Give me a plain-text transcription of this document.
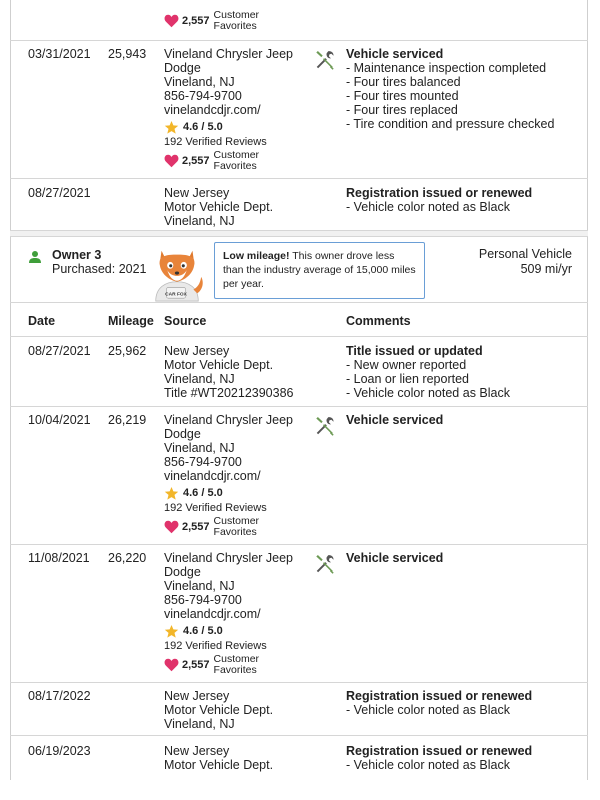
2,557 Customer
Favorites
03/31/2021 25,943 Vineland Chrysler Jeep
Dodge
Vineland, NJ
856-794-9700
vinelandcdjr.com/
4.6 / 5.0
192 Verified Reviews
2,557 Customer
Favorites
Vehicle serviced
- Maintenance inspection completed
- Four tires balanced
- Four tires mounted
- Four tires replaced
- Tire condition and pressure checked
08/27/2021	New Jersey
Motor Vehicle Dept.
Vineland, NJ
Registration issued or renewed
- Vehicle color noted as Black
Owner 3
Purchased: 2021
CAR FOX
Low mileage! This owner drove less than the industry average of 15,000 miles per year.
Personal Vehicle
509 mi/yr
Date	Mileage Source	Comments
08/27/2021 25,962 New Jersey
Motor Vehicle Dept.
Vineland, NJ
Title #WT20212390386
Title issued or updated
- New owner reported
- Loan or lien reported
- Vehicle color noted as Black
10/04/2021 26,219 Vineland Chrysler Jeep
Dodge
Vineland, NJ
856-794-9700
vinelandcdjr.com/
4.6 / 5.0
192 Verified Reviews
2,557 Customer
Favorites
Vehicle serviced
11/08/2021 26,220 Vineland Chrysler Jeep
Dodge
Vineland, NJ
856-794-9700
vinelandcdjr.com/
4.6 / 5.0
192 Verified Reviews
2,557 Customer
Favorites
Vehicle serviced
08/17/2022	New Jersey
Motor Vehicle Dept.
Vineland, NJ
Registration issued or renewed
- Vehicle color noted as Black
06/19/2023	New Jersey
Motor Vehicle Dept.
Registration issued or renewed
- Vehicle color noted as Black
